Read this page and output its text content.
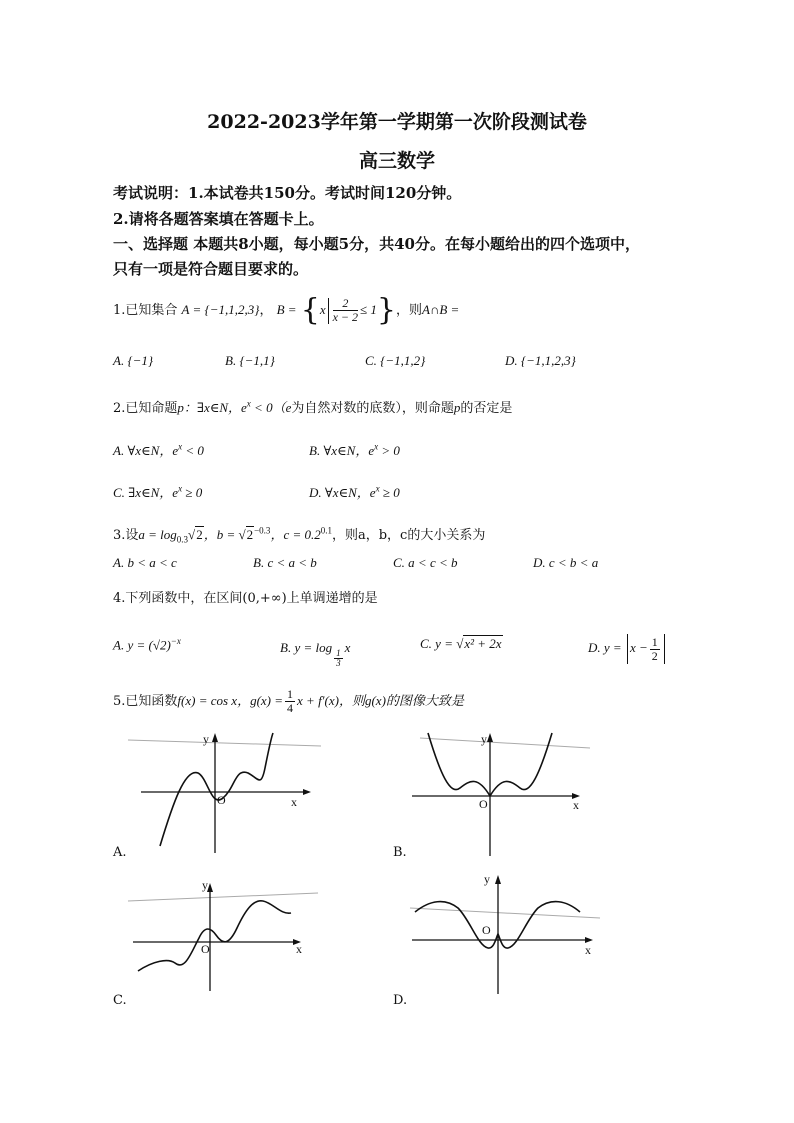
2022-2023学年第一学期第一次阶段测试卷
高三数学
考试说明：1.本试卷共150分。考试时间120分钟。
2.请将各题答案填在答题卡上。
一、选择题 本题共8小题，每小题5分，共40分。在每小题给出的四个选项中，
只有一项是符合题目要求的。
1.已知集合 A = {−1,1,2,3}， $B = \{x \frac{2}{x - 2} \le 1\}$，则A∩B =
A. {−1}	B. {−1,1}	C. {−1,1,2}	D. {−1,1,2,3}
2.已知命题p：∃x∈N，$e^x < 0(e$为自然对数的底数），则命题p的否定是
A. ∀x∈N，$e^x < 0$	B. ∀x∈N，$e^x > 0$
C. ∃x∈N，$e^x \ge 0$	D. ∀x∈N，$e^x \ge 0$
3.设$a = \log_{0.3}√2$，$b = √2^{-0.3}$，$c = 0.2^{0.1}$，则a，b，c的大小关系为
A. b < a < c	B. c < a < b	C. a < c < b	D. c < b < a
4.下列函数中，在区间(0,+∞)上单调递增的是
A. $y = (√2)^{-x}$	B. y = log
$\frac{1}{3}$
x	C. y = √x² + 2x	D. $y = x - \frac{1}{2}$
5.已知函数f(x) = cos x，$g(x) = \frac{1}{4}$ x + f′(x)，则g(x)的图像大致是
y
x
O
A.
y
x
O
B.
y
x
O
C.
y
x
O
D.
